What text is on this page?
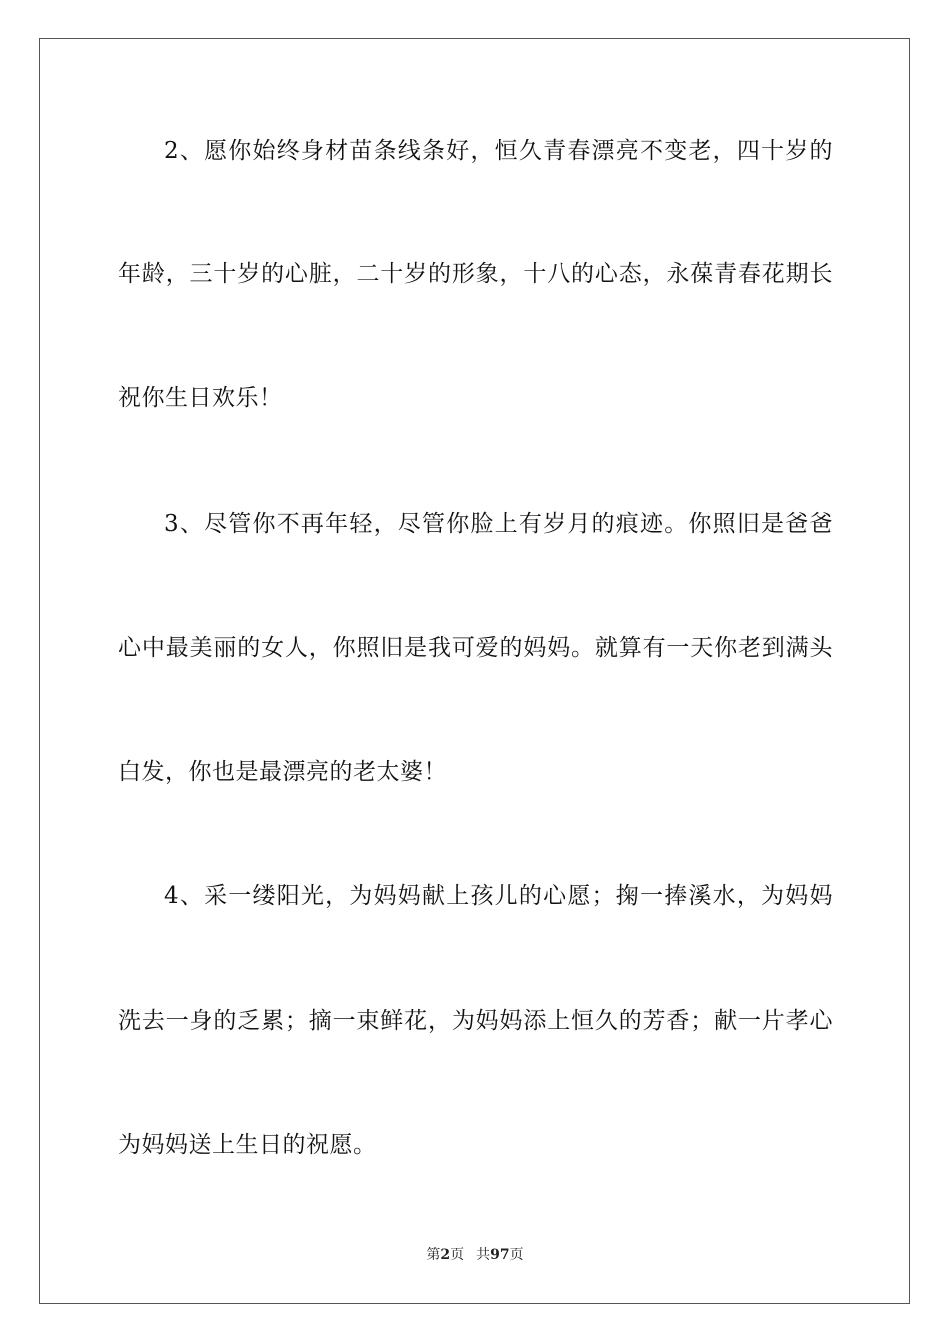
2、愿你始终身材苗条线条好，恒久青春漂亮不变老，四十岁的
年龄，三十岁的心脏，二十岁的形象，十八的心态，永葆青春花期长
祝你生日欢乐！
3、尽管你不再年轻，尽管你脸上有岁月的痕迹。你照旧是爸爸
心中最美丽的女人，你照旧是我可爱的妈妈。就算有一天你老到满头
白发，你也是最漂亮的老太婆！
4、采一缕阳光，为妈妈献上孩儿的心愿；掬一捧溪水，为妈妈
洗去一身的乏累；摘一束鲜花，为妈妈添上恒久的芳香；献一片孝心
为妈妈送上生日的祝愿。
第2页 共97页
